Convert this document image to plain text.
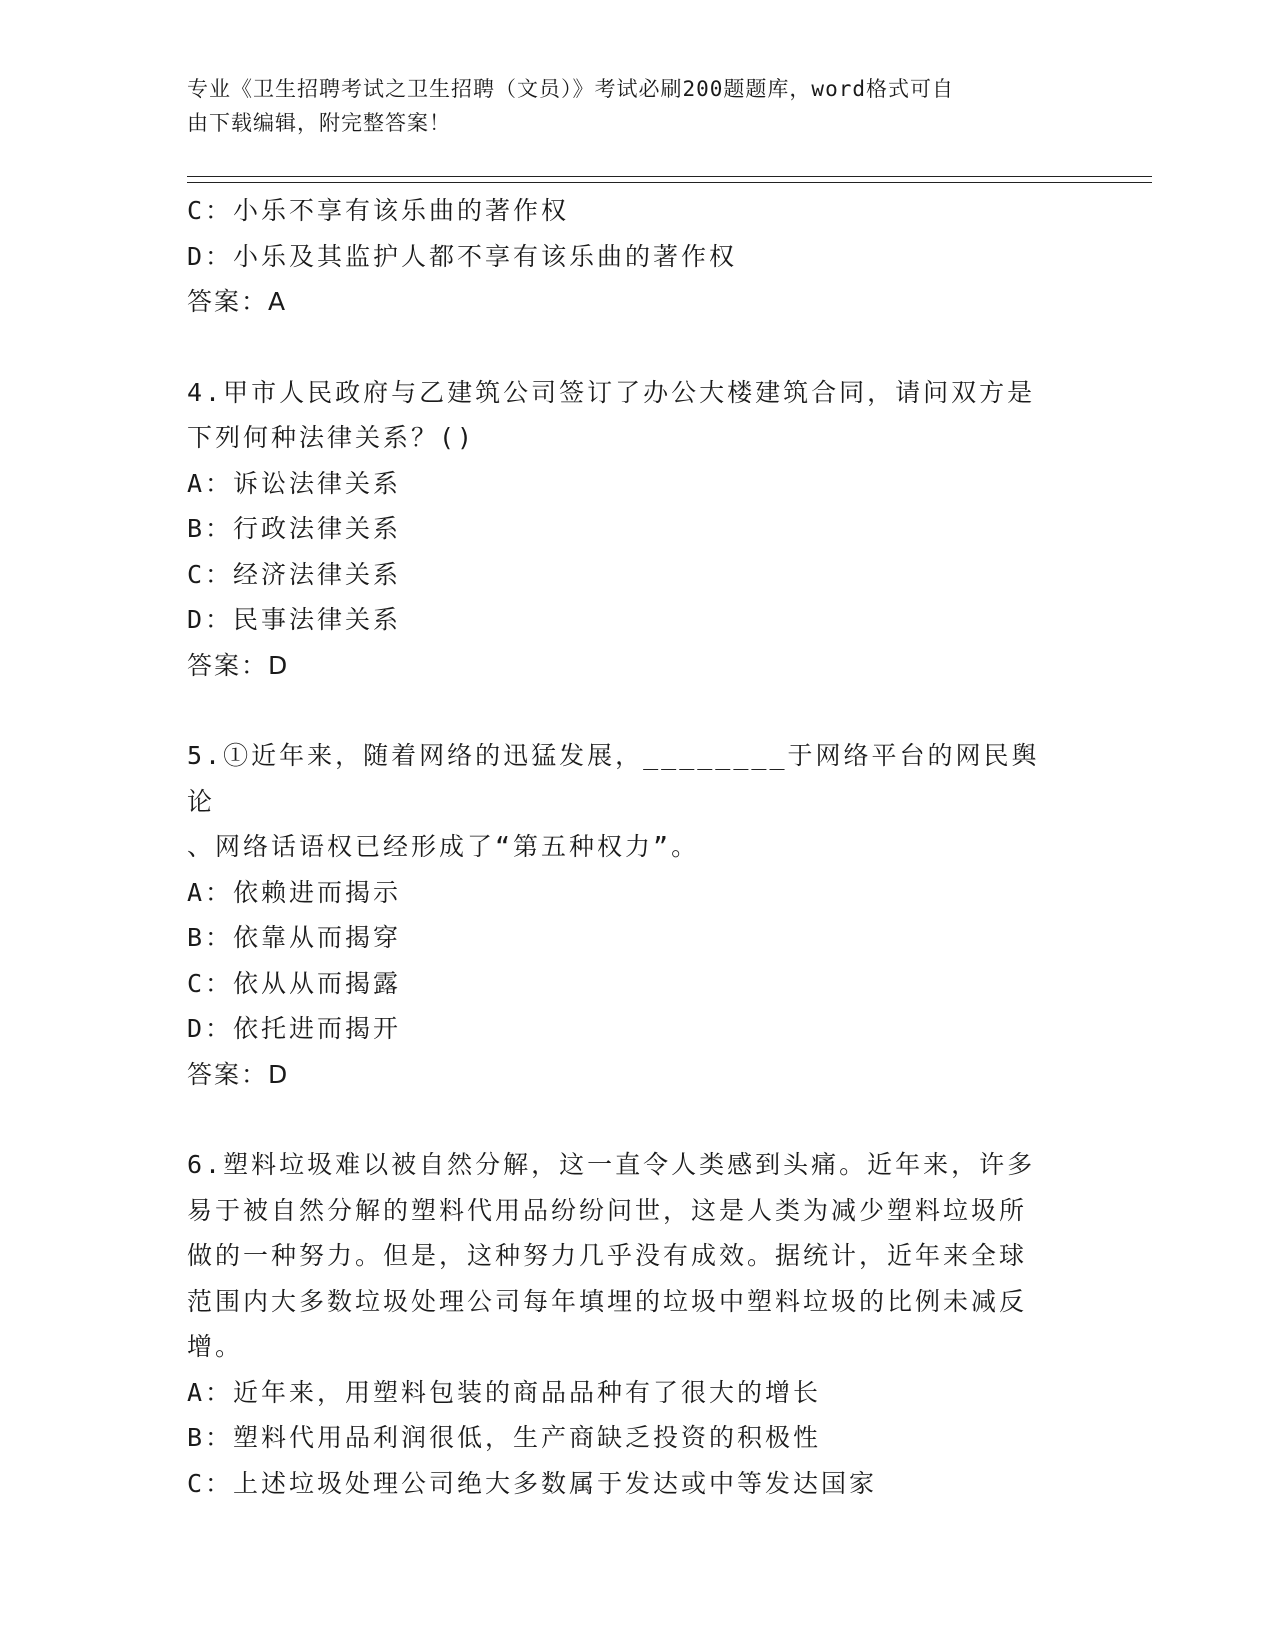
专业《卫生招聘考试之卫生招聘（文员）》考试必刷200题题库，word格式可自
由下载编辑，附完整答案！
C：小乐不享有该乐曲的著作权
D：小乐及其监护人都不享有该乐曲的著作权
答案：A
4.甲市人民政府与乙建筑公司签订了办公大楼建筑合同，请问双方是
下列何种法律关系？()
A：诉讼法律关系
B：行政法律关系
C：经济法律关系
D：民事法律关系
答案：D
5.①近年来，随着网络的迅猛发展，________于网络平台的网民舆论
、网络话语权已经形成了“第五种权力”。
A：依赖进而揭示
B：依靠从而揭穿
C：依从从而揭露
D：依托进而揭开
答案：D
6.塑料垃圾难以被自然分解，这一直令人类感到头痛。近年来，许多
易于被自然分解的塑料代用品纷纷问世，这是人类为减少塑料垃圾所
做的一种努力。但是，这种努力几乎没有成效。据统计，近年来全球
范围内大多数垃圾处理公司每年填埋的垃圾中塑料垃圾的比例未减反
增。
A：近年来，用塑料包装的商品品种有了很大的增长
B：塑料代用品利润很低，生产商缺乏投资的积极性
C：上述垃圾处理公司绝大多数属于发达或中等发达国家
